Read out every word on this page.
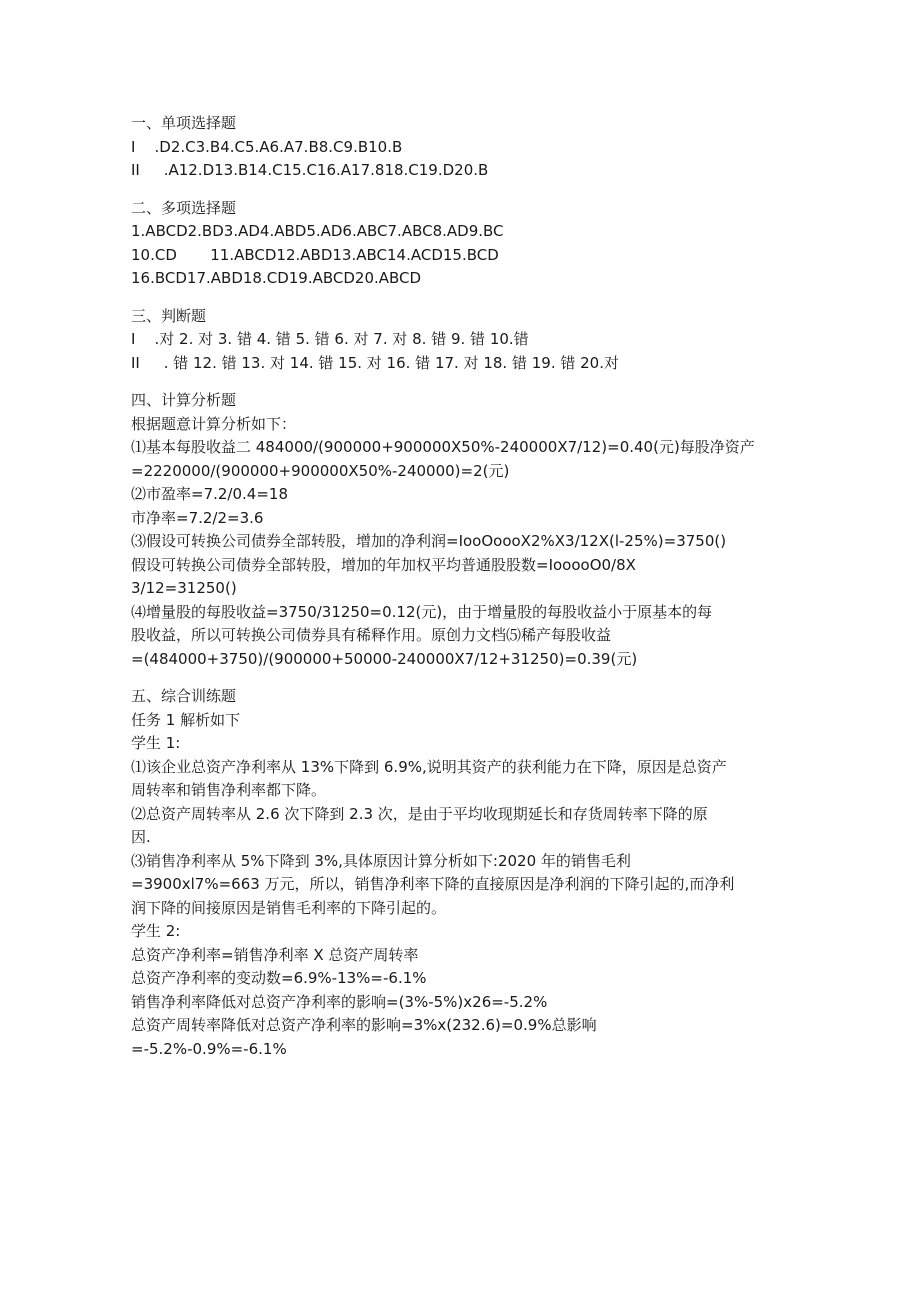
一、单项选择题
I    .D2.C3.B4.C5.A6.A7.B8.C9.B10.B
II     .A12.D13.B14.C15.C16.A17.818.C19.D20.B
二、多项选择题
1.ABCD2.BD3.AD4.ABD5.AD6.ABC7.ABC8.AD9.BC
10.CD       11.ABCD12.ABD13.ABC14.ACD15.BCD
16.BCD17.ABD18.CD19.ABCD20.ABCD
三、判断题
I    .对 2. 对 3. 错 4. 错 5. 错 6. 对 7. 对 8. 错 9. 错 10.错
II     . 错 12. 错 13. 对 14. 错 15. 对 16. 错 17. 对 18. 错 19. 错 20.对
四、计算分析题
根据题意计算分析如下：
⑴基本每股收益二 484000/(900000+900000X50%-240000X7/12)=0.40(元)每股净资产
=2220000/(900000+900000X50%-240000)=2(元)
⑵市盈率=7.2/0.4=18
市净率=7.2/2=3.6
⑶假设可转换公司债券全部转股，增加的净利润=IooOoooX2%X3/12X(l-25%)=3750()
假设可转换公司债券全部转股，增加的年加权平均普通股股数=IooooO0/8X
3/12=31250()
⑷增量股的每股收益=3750/31250=0.12(元)，由于增量股的每股收益小于原基本的每
股收益，所以可转换公司债券具有稀释作用。原创力文档⑸稀产每股收益
=(484000+3750)/(900000+50000-240000X7/12+31250)=0.39(元)
五、综合训练题
任务 1 解析如下
学生 1:
⑴该企业总资产净利率从 13%下降到 6.9%,说明其资产的获利能力在下降，原因是总资产
周转率和销售净利率都下降。
⑵总资产周转率从 2.6 次下降到 2.3 次，是由于平均收现期延长和存货周转率下降的原
因.
⑶销售净利率从 5%下降到 3%,具体原因计算分析如下:2020 年的销售毛利
=3900xl7%=663 万元，所以，销售净利率下降的直接原因是净利润的下降引起的,而净利
润下降的间接原因是销售毛利率的下降引起的。
学生 2:
总资产净利率=销售净利率 X 总资产周转率
总资产净利率的变动数=6.9%-13%=-6.1%
销售净利率降低对总资产净利率的影响=(3%-5%)x26=-5.2%
总资产周转率降低对总资产净利率的影响=3%x(232.6)=0.9%总影响
=-5.2%-0.9%=-6.1%
